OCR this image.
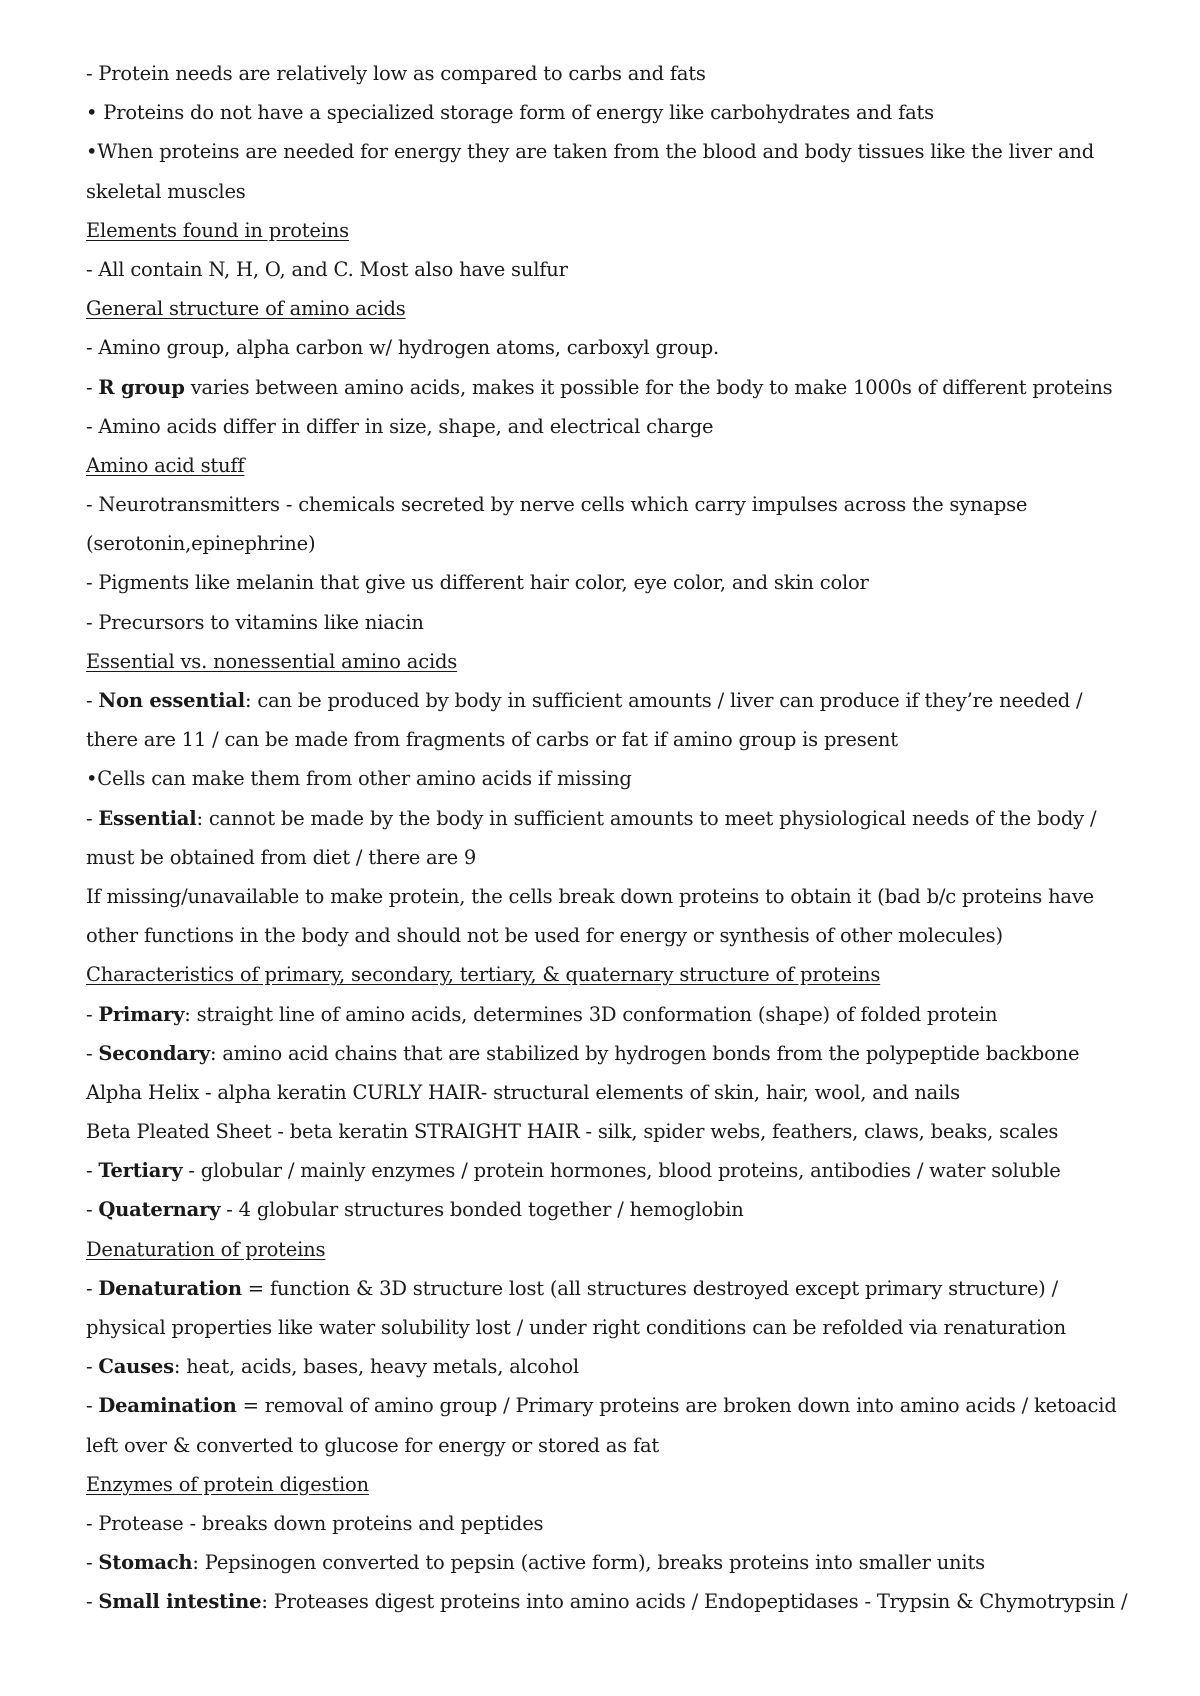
- Protein needs are relatively low as compared to carbs and fats
• Proteins do not have a specialized storage form of energy like carbohydrates and fats
•When proteins are needed for energy they are taken from the blood and body tissues like the liver and
skeletal muscles
Elements found in proteins
- All contain N, H, O, and C. Most also have sulfur
General structure of amino acids
- Amino group, alpha carbon w/ hydrogen atoms, carboxyl group.
- R group varies between amino acids, makes it possible for the body to make 1000s of different proteins
- Amino acids differ in differ in size, shape, and electrical charge
Amino acid stuff
- Neurotransmitters - chemicals secreted by nerve cells which carry impulses across the synapse
(serotonin,epinephrine)
- Pigments like melanin that give us different hair color, eye color, and skin color
- Precursors to vitamins like niacin
Essential vs. nonessential amino acids
- Non essential: can be produced by body in sufficient amounts / liver can produce if they’re needed /
there are 11 / can be made from fragments of carbs or fat if amino group is present
•Cells can make them from other amino acids if missing
- Essential: cannot be made by the body in sufficient amounts to meet physiological needs of the body /
must be obtained from diet / there are 9
If missing/unavailable to make protein, the cells break down proteins to obtain it (bad b/c proteins have
other functions in the body and should not be used for energy or synthesis of other molecules)
Characteristics of primary, secondary, tertiary, & quaternary structure of proteins
- Primary: straight line of amino acids, determines 3D conformation (shape) of folded protein
- Secondary: amino acid chains that are stabilized by hydrogen bonds from the polypeptide backbone
Alpha Helix - alpha keratin CURLY HAIR- structural elements of skin, hair, wool, and nails
Beta Pleated Sheet - beta keratin STRAIGHT HAIR - silk, spider webs, feathers, claws, beaks, scales
- Tertiary - globular / mainly enzymes / protein hormones, blood proteins, antibodies / water soluble
- Quaternary - 4 globular structures bonded together / hemoglobin
Denaturation of proteins
- Denaturation = function & 3D structure lost (all structures destroyed except primary structure) /
physical properties like water solubility lost / under right conditions can be refolded via renaturation
- Causes: heat, acids, bases, heavy metals, alcohol
- Deamination = removal of amino group / Primary proteins are broken down into amino acids / ketoacid
left over & converted to glucose for energy or stored as fat
Enzymes of protein digestion
- Protease - breaks down proteins and peptides
- Stomach: Pepsinogen converted to pepsin (active form), breaks proteins into smaller units
- Small intestine: Proteases digest proteins into amino acids / Endopeptidases - Trypsin & Chymotrypsin /
